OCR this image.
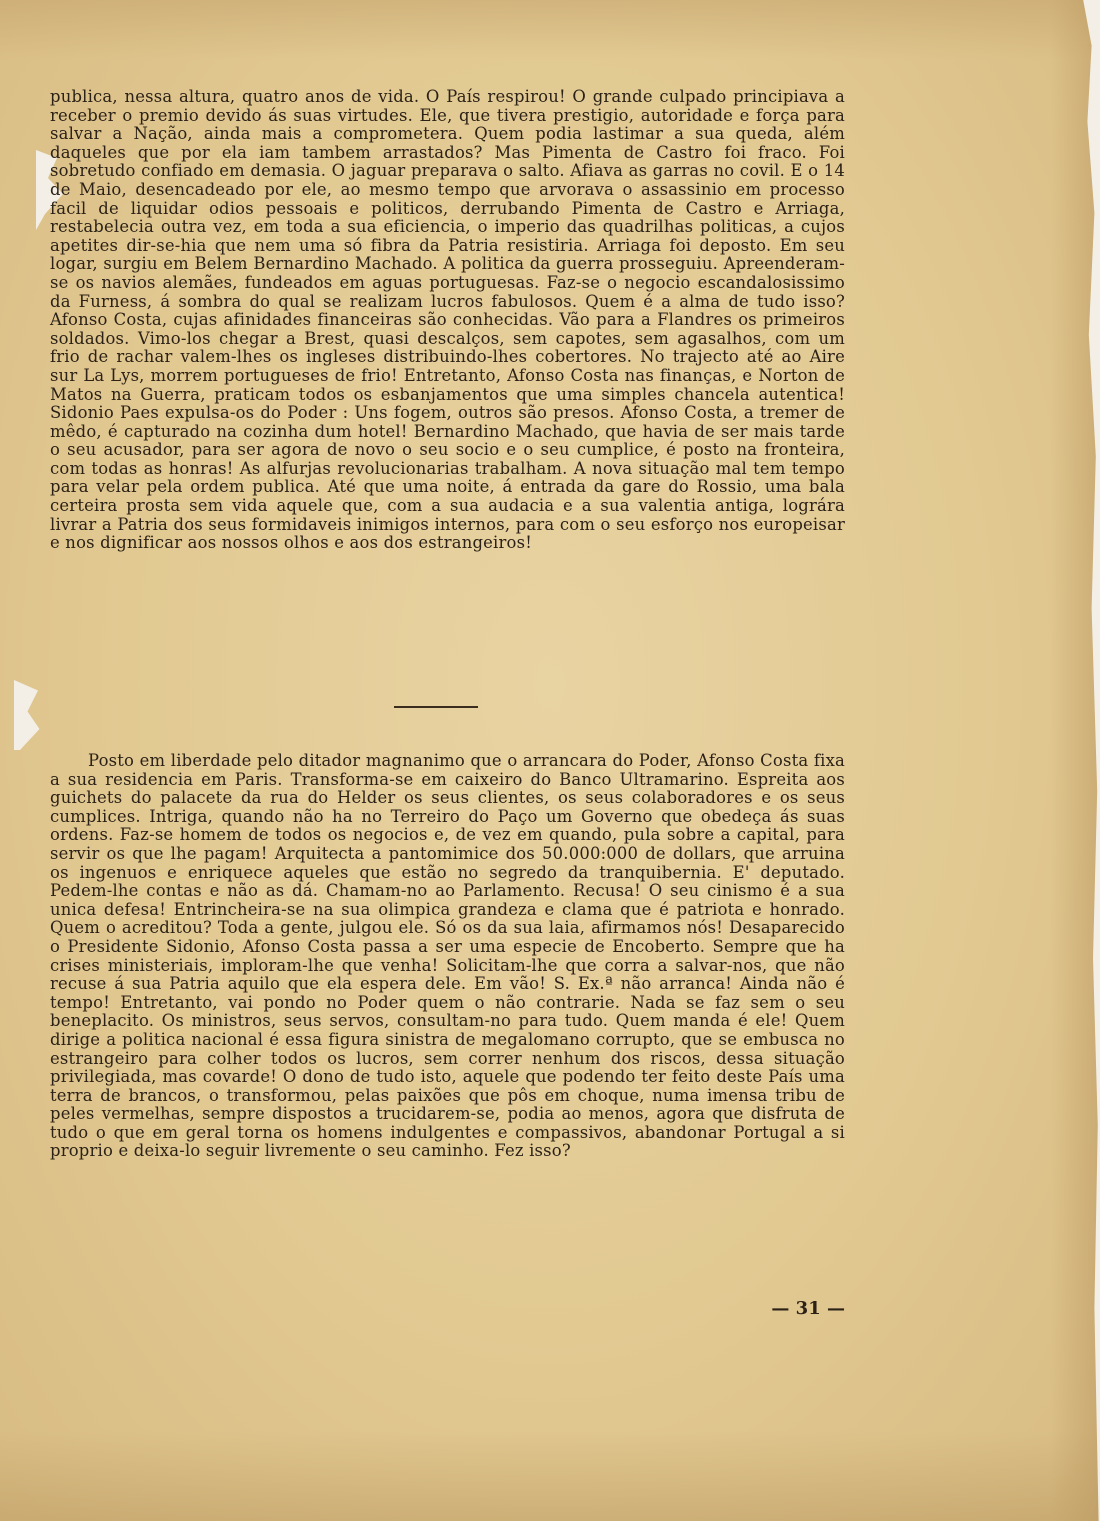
publica, nessa altura, quatro anos de vida. O País respirou! O grande culpado principiava a receber o premio devido ás suas virtudes. Ele, que tivera prestigio, autoridade e força para salvar a Nação, ainda mais a comprometera. Quem podia lastimar a sua queda, além daqueles que por ela iam tambem arrastados? Mas Pimenta de Castro foi fraco. Foi sobretudo confiado em demasia. O jaguar preparava o salto. Afiava as garras no covil. E o 14 de Maio, desencadeado por ele, ao mesmo tempo que arvorava o assassinio em processo facil de liquidar odios pessoais e politicos, derrubando Pimenta de Castro e Arriaga, restabelecia outra vez, em toda a sua eficiencia, o imperio das quadrilhas politicas, a cujos apetites dir-se-hia que nem uma só fibra da Patria resistiria. Arriaga foi deposto. Em seu logar, surgiu em Belem Bernardino Machado. A politica da guerra prosseguiu. Apreenderam-se os navios alemães, fundeados em aguas portuguesas. Faz-se o negocio escandalosissimo da Furness, á sombra do qual se realizam lucros fabulosos. Quem é a alma de tudo isso? Afonso Costa, cujas afinidades financeiras são conhecidas. Vão para a Flandres os primeiros soldados. Vimo-los chegar a Brest, quasi descalços, sem capotes, sem agasalhos, com um frio de rachar valem-lhes os ingleses distribuindo-lhes cobertores. No trajecto até ao Aire sur La Lys, morrem portugueses de frio! Entretanto, Afonso Costa nas finanças, e Norton de Matos na Guerra, praticam todos os esbanjamentos que uma simples chancela autentica! Sidonio Paes expulsa-os do Poder : Uns fogem, outros são presos. Afonso Costa, a tremer de mêdo, é capturado na cozinha dum hotel! Bernardino Machado, que havia de ser mais tarde o seu acusador, para ser agora de novo o seu socio e o seu cumplice, é posto na fronteira, com todas as honras! As alfurjas revolucionarias trabalham. A nova situação mal tem tempo para velar pela ordem publica. Até que uma noite, á entrada da gare do Rossio, uma bala certeira prosta sem vida aquele que, com a sua audacia e a sua valentia antiga, lográra livrar a Patria dos seus formidaveis inimigos internos, para com o seu esforço nos europeisar e nos dignificar aos nossos olhos e aos dos estrangeiros!

Posto em liberdade pelo ditador magnanimo que o arrancara do Poder, Afonso Costa fixa a sua residencia em Paris. Transforma-se em caixeiro do Banco Ultramarino. Espreita aos guichets do palacete da rua do Helder os seus clientes, os seus colaboradores e os seus cumplices. Intriga, quando não ha no Terreiro do Paço um Governo que obedeça ás suas ordens. Faz-se homem de todos os negocios e, de vez em quando, pula sobre a capital, para servir os que lhe pagam! Arquitecta a pantomimice dos 50.000:000 de dollars, que arruina os ingenuos e enriquece aqueles que estão no segredo da tranquibernia. E' deputado. Pedem-lhe contas e não as dá. Chamam-no ao Parlamento. Recusa! O seu cinismo é a sua unica defesa! Entrincheira-se na sua olimpica grandeza e clama que é patriota e honrado. Quem o acreditou? Toda a gente, julgou ele. Só os da sua laia, afirmamos nós! Desaparecido o Presidente Sidonio, Afonso Costa passa a ser uma especie de Encoberto. Sempre que ha crises ministeriais, imploram-lhe que venha! Solicitam-lhe que corra a salvar-nos, que não recuse á sua Patria aquilo que ela espera dele. Em vão! S. Ex.ª não arranca! Ainda não é tempo! Entretanto, vai pondo no Poder quem o não contrarie. Nada se faz sem o seu beneplacito. Os ministros, seus servos, consultam-no para tudo. Quem manda é ele! Quem dirige a politica nacional é essa figura sinistra de megalomano corrupto, que se embusca no estrangeiro para colher todos os lucros, sem correr nenhum dos riscos, dessa situação privilegiada, mas covarde! O dono de tudo isto, aquele que podendo ter feito deste País uma terra de brancos, o transformou, pelas paixões que pôs em choque, numa imensa tribu de peles vermelhas, sempre dispostos a trucidarem-se, podia ao menos, agora que disfruta de tudo o que em geral torna os homens indulgentes e compassivos, abandonar Portugal a si proprio e deixa-lo seguir livremente o seu caminho. Fez isso?

— 31 —
